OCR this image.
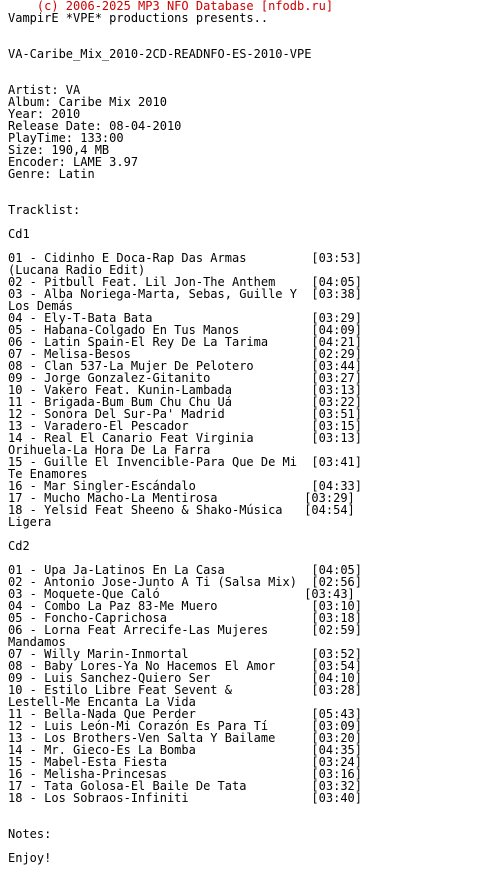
(c) 2006-2025 MP3 NFO Database [nfodb.ru]
VampirE *VPE* productions presents..
VA-Caribe_Mix_2010-2CD-READNFO-ES-2010-VPE
Artist: VA
Album: Caribe Mix 2010
Year: 2010
Release Date: 08-04-2010
PlayTime: 133:00
Size: 190,4 MB
Encoder: LAME 3.97
Genre: Latin
Tracklist:
Cd1
01 - Cidinho E Doca-Rap Das Armas         [03:53]
(Lucana Radio Edit)
02 - Pitbull Feat. Lil Jon-The Anthem     [04:05]
03 - Alba Noriega-Marta, Sebas, Guille Y  [03:38]
Los Demás
04 - Ely-T-Bata Bata                      [03:29]
05 - Habana-Colgado En Tus Manos          [04:09]
06 - Latin Spain-El Rey De La Tarima      [04:21]
07 - Melisa-Besos                         [02:29]
08 - Clan 537-La Mujer De Pelotero        [03:44]
09 - Jorge Gonzalez-Gitanito              [03:27]
10 - Vakero Feat. Kunin-Lambada           [03:13]
11 - Brigada-Bum Bum Chu Chu Uá           [03:22]
12 - Sonora Del Sur-Pa' Madrid            [03:51]
13 - Varadero-El Pescador                 [03:15]
14 - Real El Canario Feat Virginia        [03:13]
Orihuela-La Hora De La Farra
15 - Guille El Invencible-Para Que De Mi  [03:41]
Te Enamores
16 - Mar Singler-Escándalo                [04:33]
17 - Mucho Macho-La Mentirosa            [03:29]
18 - Yelsid Feat Sheeno & Shako-Música   [04:54]
Ligera
Cd2
01 - Upa Ja-Latinos En La Casa            [04:05]
02 - Antonio Jose-Junto A Ti (Salsa Mix)  [02:56]
03 - Moquete-Que Caló                    [03:43]
04 - Combo La Paz 83-Me Muero             [03:10]
05 - Foncho-Caprichosa                    [03:18]
06 - Lorna Feat Arrecife-Las Mujeres      [02:59]
Mandamos
07 - Willy Marin-Inmortal                 [03:52]
08 - Baby Lores-Ya No Hacemos El Amor     [03:54]
09 - Luis Sanchez-Quiero Ser              [04:10]
10 - Estilo Libre Feat Sevent &           [03:28]
Lestell-Me Encanta La Vida
11 - Bella-Nada Que Perder                [05:43]
12 - Luis León-Mi Corazón Es Para Tí      [03:09]
13 - Los Brothers-Ven Salta Y Bailame     [03:20]
14 - Mr. Gieco-Es La Bomba                [04:35]
15 - Mabel-Esta Fiesta                    [03:24]
16 - Melisha-Princesas                    [03:16]
17 - Tata Golosa-El Baile De Tata         [03:32]
18 - Los Sobraos-Infiniti                 [03:40]
Notes:
Enjoy!
